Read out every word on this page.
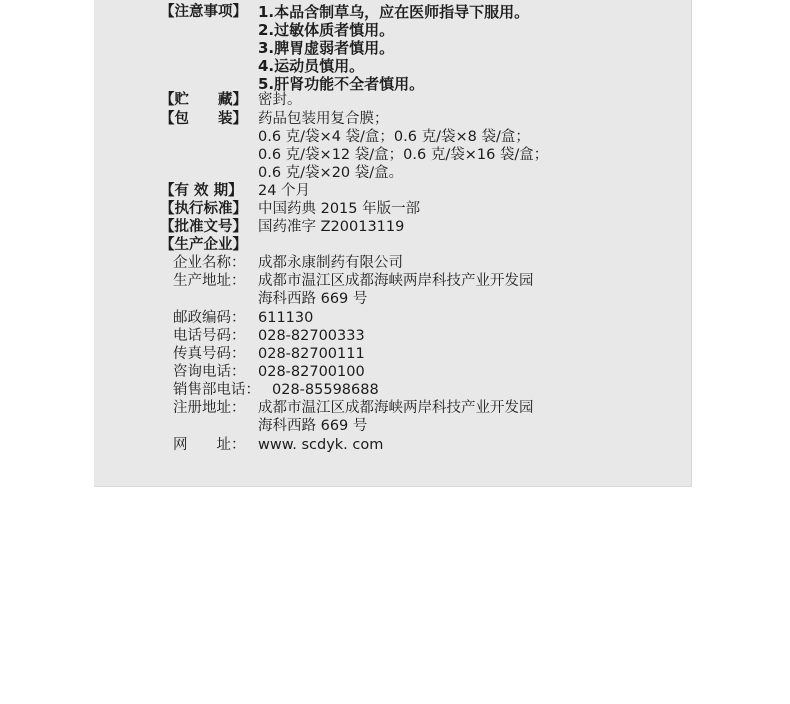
【注意事项】 1.本品含制草乌，应在医师指导下服用。
2.过敏体质者慎用。
3.脾胃虚弱者慎用。
4.运动员慎用。
5.肝肾功能不全者慎用。
【贮　　藏】 密封。
【包　　装】 药品包装用复合膜；
0.6 克/袋×4 袋/盒；0.6 克/袋×8 袋/盒；
0.6 克/袋×12 袋/盒；0.6 克/袋×16 袋/盒；
0.6 克/袋×20 袋/盒。
【有 效 期】 24 个月
【执行标准】 中国药典 2015 年版一部
【批准文号】 国药准字 Z20013119
【生产企业】
企业名称： 成都永康制药有限公司
生产地址： 成都市温江区成都海峡两岸科技产业开发园
海科西路 669 号
邮政编码： 611130
电话号码： 028-82700333
传真号码： 028-82700111
咨询电话： 028-82700100
销售部电话： 028-85598688
注册地址： 成都市温江区成都海峡两岸科技产业开发园
海科西路 669 号
网　　址： www. scdyk. com
